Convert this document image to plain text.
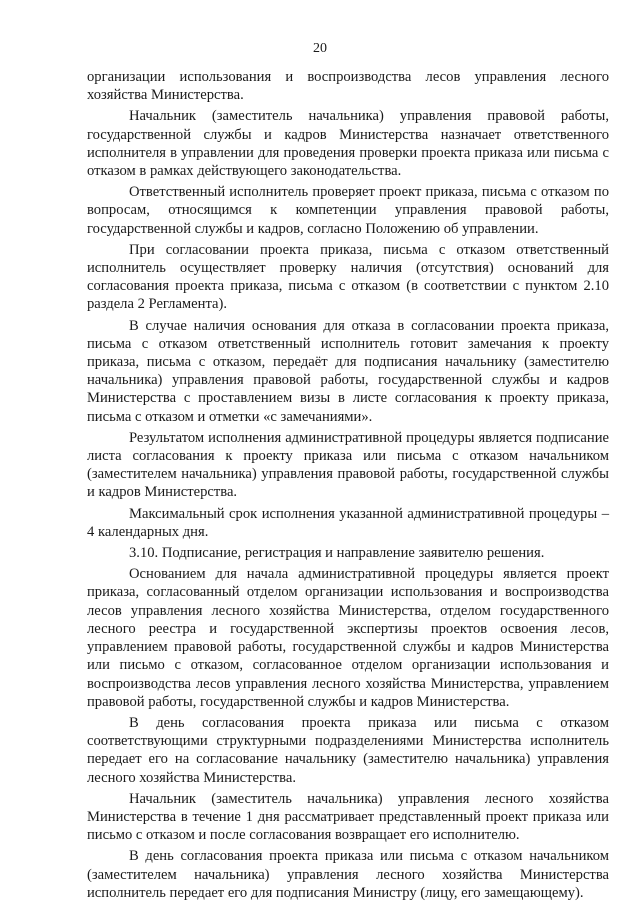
20

организации использования и воспроизводства лесов управления лесного хозяйства Министерства.

Начальник (заместитель начальника) управления правовой работы, государственной службы и кадров Министерства назначает ответственного исполнителя в управлении для проведения проверки проекта приказа или письма с отказом в рамках действующего законодательства.

Ответственный исполнитель проверяет проект приказа, письма с отказом по вопросам, относящимся к компетенции управления правовой работы, государственной службы и кадров, согласно Положению об управлении.

При согласовании проекта приказа, письма с отказом ответственный исполнитель осуществляет проверку наличия (отсутствия) оснований для согласования проекта приказа, письма с отказом (в соответствии с пунктом 2.10 раздела 2 Регламента).

В случае наличия основания для отказа в согласовании проекта приказа, письма с отказом ответственный исполнитель готовит замечания к проекту приказа, письма с отказом, передаёт для подписания начальнику (заместителю начальника) управления правовой работы, государственной службы и кадров Министерства с проставлением визы в листе согласования к проекту приказа, письма с отказом и отметки «с замечаниями».

Результатом исполнения административной процедуры является подписание листа согласования к проекту приказа или письма с отказом начальником (заместителем начальника) управления правовой работы, государственной службы и кадров Министерства.

Максимальный срок исполнения указанной административной процедуры – 4 календарных дня.

3.10. Подписание, регистрация и направление заявителю решения.

Основанием для начала административной процедуры является проект приказа, согласованный отделом организации использования и воспроизводства лесов управления лесного хозяйства Министерства, отделом государственного лесного реестра и государственной экспертизы проектов освоения лесов, управлением правовой работы, государственной службы и кадров Министерства или письмо с отказом, согласованное отделом организации использования и воспроизводства лесов управления лесного хозяйства Министерства, управлением правовой работы, государственной службы и кадров Министерства.

В день согласования проекта приказа или письма с отказом соответствующими структурными подразделениями Министерства исполнитель передает его на согласование начальнику (заместителю начальника) управления лесного хозяйства Министерства.

Начальник (заместитель начальника) управления лесного хозяйства Министерства в течение 1 дня рассматривает представленный проект приказа или письмо с отказом и после согласования возвращает его исполнителю.

В день согласования проекта приказа или письма с отказом начальником (заместителем начальника) управления лесного хозяйства Министерства исполнитель передает его для подписания Министру (лицу, его замещающему).
